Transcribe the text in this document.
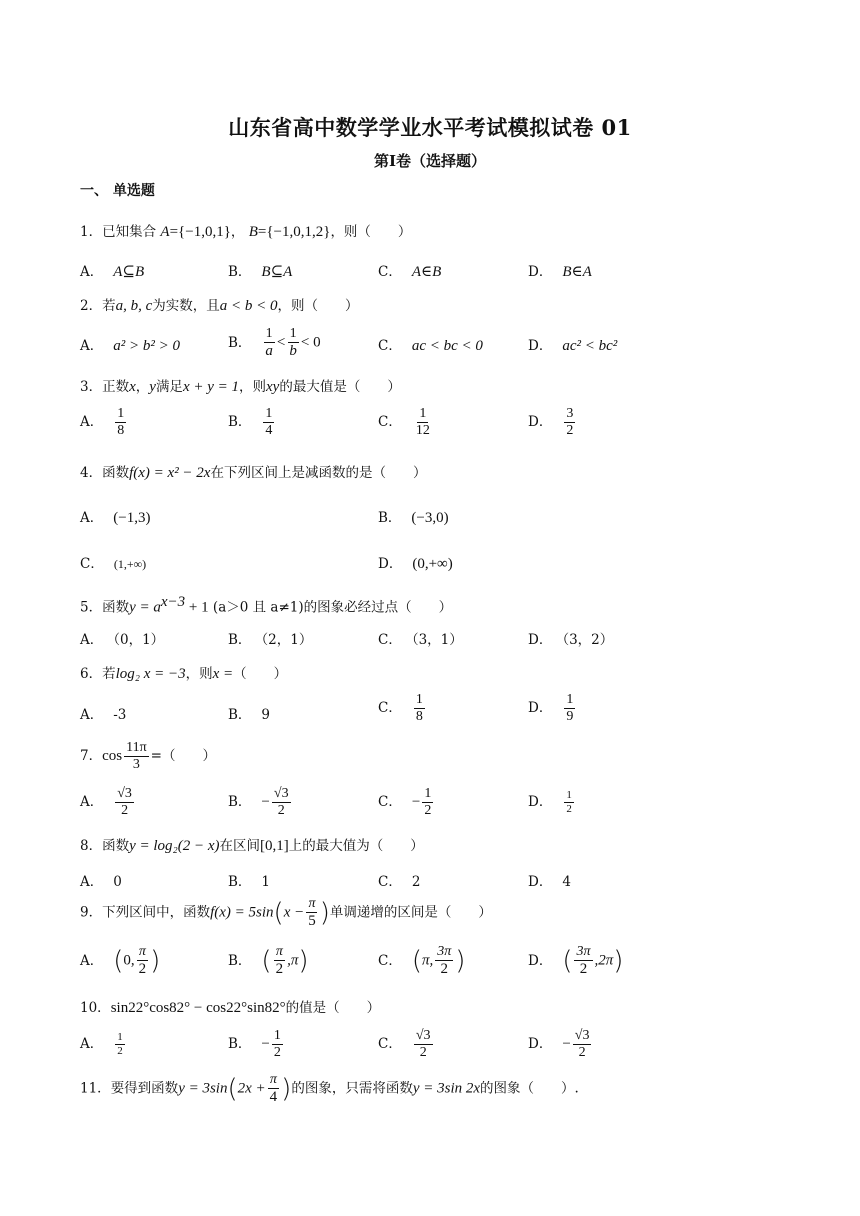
山东省高中数学学业水平考试模拟试卷 01
第Ⅰ卷（选择题）
一、 单选题
1．已知集合 A={−1,0,1}， B={−1,0,1,2}，则（　　）
A． A⊆B	B． B⊆A	C． A∈B	D． B∈A
2．若a, b, c为实数，且a < b < 0，则（　　）
A． a² > b² > 0	B． $\frac{1}{a} < \frac{1}{b} < 0$	C． ac < bc < 0	D． ac² < bc²
3．正数x，y满足x + y = 1，则xy的最大值是（　　）
A． $\frac{1}{8}$	B． $\frac{1}{4}$	C． $\frac{1}{12}$	D． $\frac{3}{2}$
4．函数f(x) = x² − 2x在下列区间上是减函数的是（　　）
A． (−1,3)	B． (−3,0)
C． (1,+∞)	D． (0,+∞)
5．函数$y = a^{x-3} + 1$ (a＞0 且 a≠1)的图象必经过点（　　）
A． （0，1）	B． （2，1）	C． （3，1）	D． （3，2）
6．若log₂ x = −3，则x =（　　）
A． -3	B． 9	C． $\frac{1}{8}$	D． $\frac{1}{9}$
7．$\cos \frac{11\pi}{3}$ =（　　）
A． $\frac{√3}{2}$	B． − $\frac{√3}{2}$	C． − $\frac{1}{2}$	D． $\frac{1}{2}$
8．函数y = log₂(2 − x)在区间[0,1]上的最大值为（　　）
A． 0	B． 1	C． 2	D． 4
9．下列区间中，函数$f(x) = 5\sin(x - \frac{\pi}{5}$ )单调递增的区间是（　　）
A． (0, $\frac{\pi}{2}$ )	B． ( $\frac{\pi}{2} ,\pi$)	C． (π, $\frac{3\pi}{2}$ )	D． ( $\frac{3\pi}{2} ,2\pi$)
10．sin22°cos82° − cos22°sin82°的值是（　　）
A． $\frac{1}{2}$	B． − $\frac{1}{2}$	C． $\frac{√3}{2}$	D． − $\frac{√3}{2}$
11．要得到函数$y = 3\sin(2x + \frac{\pi}{4}$ )的图象，只需将函数y = 3sin 2x的图象（　　）.
